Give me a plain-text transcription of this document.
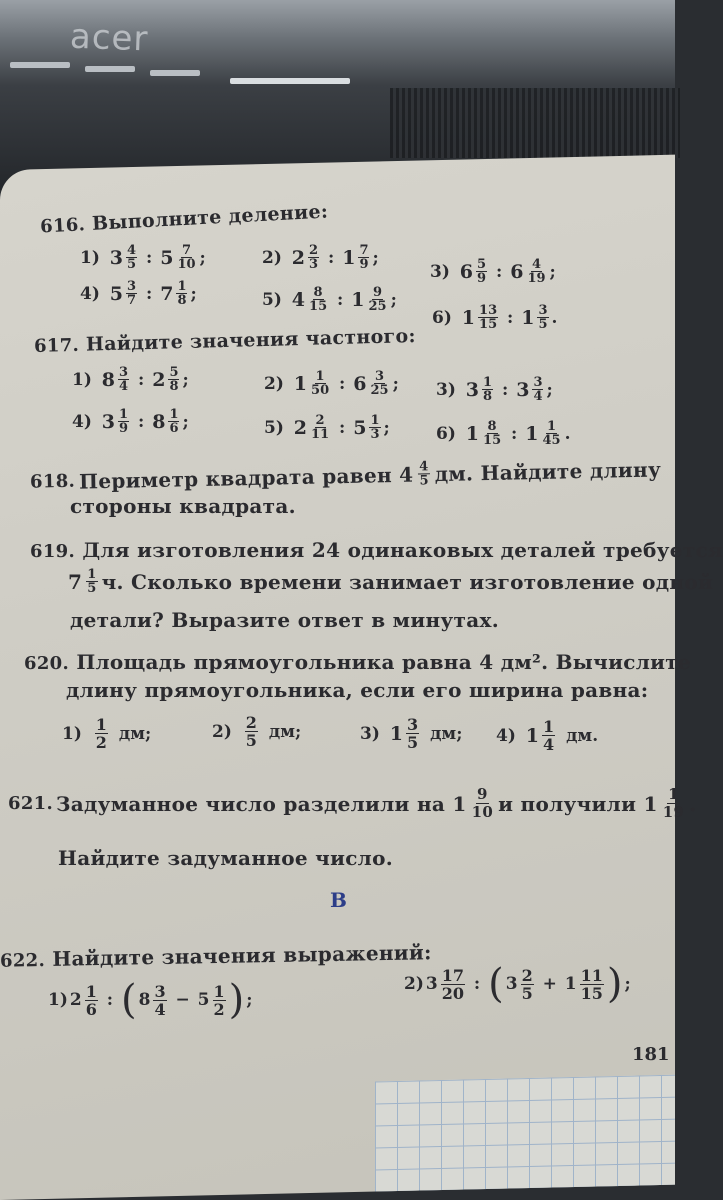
acer
616. Выполните деление:
1)
3 4
5 : 5 7
10 ;	2)
2 2
3 : 1 7
9 ;
3)
6 5
9 : 6 4
19 ;
4)
5 3
7 : 7 1
8 ;	5)
4 8
15 : 1 9
25 ;
6)
1 13
15 : 1 3
5 .
617. Найдите значения частного:
1)
8 3
4 : 2 5
8 ;	2)
1 1
50 : 6 3
25 ; 3)
3 1
8 : 3 3
4 ;
4)
3 1
9 : 8 1
6 ;	5)
2 2
11 : 5 1
3 ;	6)
1 8
15 : 1 1
45 .
618. Периметр квадрата равен 4 4
5 дм. Найдите длину
стороны квадрата.
619. Для изготовления 24 одинаковых деталей требуется
7 1
5 ч. Сколько времени занимает изготовление одной
детали? Выразите ответ в минутах.
620. Площадь прямоугольника равна 4 дм². Вычислите
длину прямоугольника, если его ширина равна:
1)
1
2
дм;	2)
2
5
дм;	3)
1 3
5
дм; 4)
1 1
4
дм.
621. Задуманное число разделили на 1 9
10 и получили 1 1
19 .
Найдите задуманное число.
В
622. Найдите значения выражений:
1) 2 1
6 : ( 8 3
4 − 5 1
2 ) ;
2) 3 17
20 : ( 3 2
5 + 1 11
15 ) ;
181
